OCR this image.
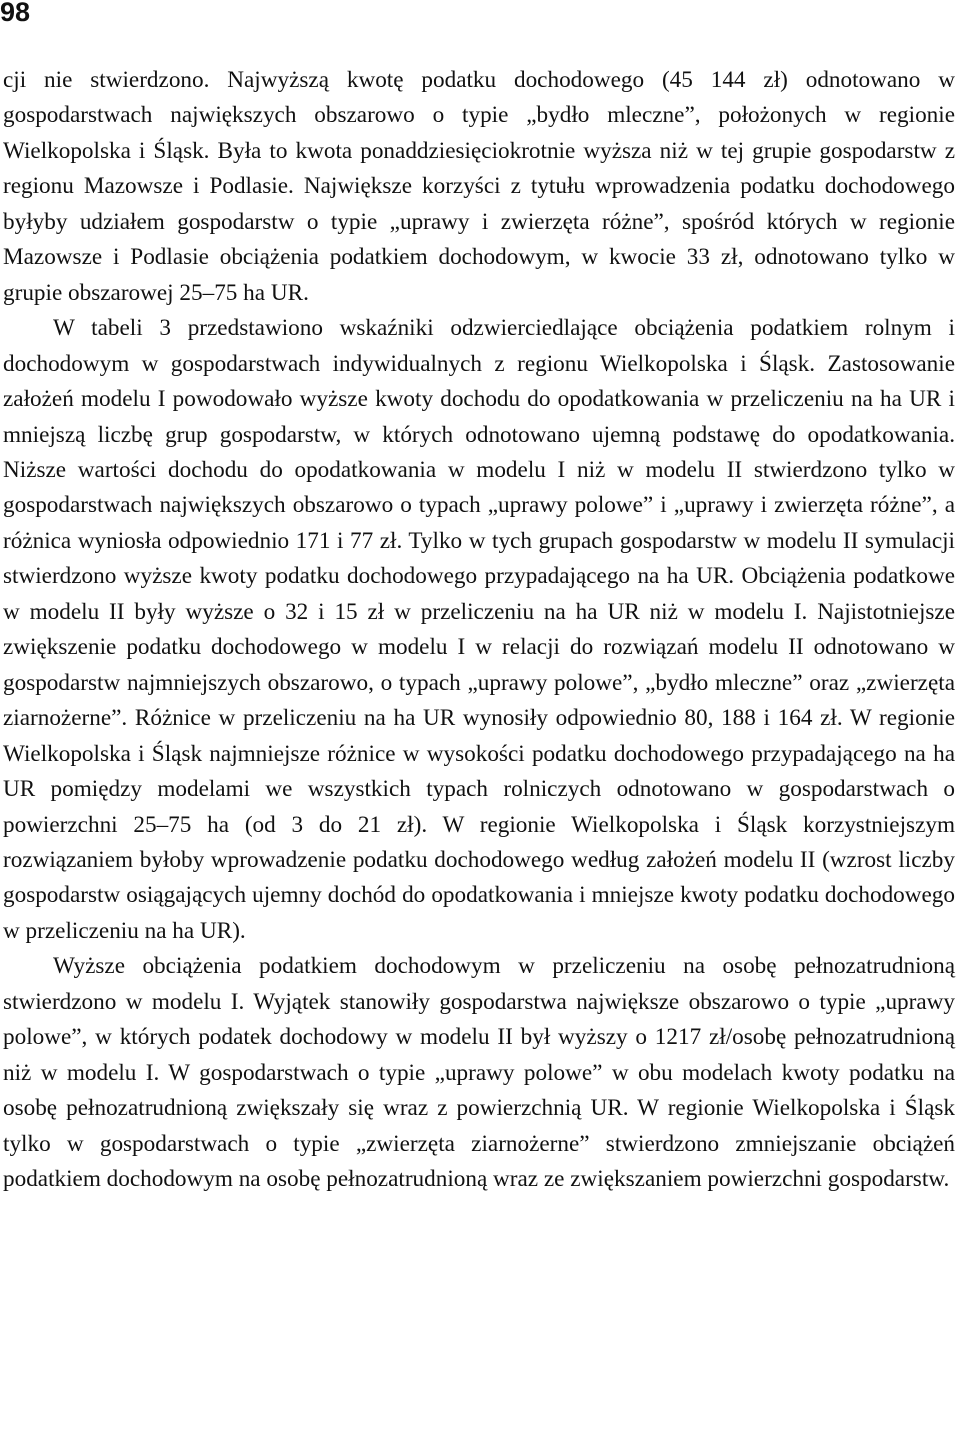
98

cji nie stwierdzono. Najwyższą kwotę podatku dochodowego (45 144 zł) odnotowano w gospodarstwach największych obszarowo o typie „bydło mleczne”, położonych w regionie Wielkopolska i Śląsk. Była to kwota ponaddziesięciokrotnie wyższa niż w tej grupie gospodarstw z regionu Mazowsze i Podlasie. Największe korzyści z tytułu wprowadzenia podatku dochodowego byłyby udziałem gospodarstw o typie „uprawy i zwierzęta różne”, spośród których w regionie Mazowsze i Podlasie obciążenia podatkiem dochodowym, w kwocie 33 zł, odnotowano tylko w grupie obszarowej 25–75 ha UR.

W tabeli 3 przedstawiono wskaźniki odzwierciedlające obciążenia podatkiem rolnym i dochodowym w gospodarstwach indywidualnych z regionu Wielkopolska i Śląsk. Zastosowanie założeń modelu I powodowało wyższe kwoty dochodu do opodatkowania w przeliczeniu na ha UR i mniejszą liczbę grup gospodarstw, w których odnotowano ujemną podstawę do opodatkowania. Niższe wartości dochodu do opodatkowania w modelu I niż w modelu II stwierdzono tylko w gospodarstwach największych obszarowo o typach „uprawy polowe” i „uprawy i zwierzęta różne”, a różnica wyniosła odpowiednio 171 i 77 zł. Tylko w tych grupach gospodarstw w modelu II symulacji stwierdzono wyższe kwoty podatku dochodowego przypadającego na ha UR. Obciążenia podatkowe w modelu II były wyższe o 32 i 15 zł w przeliczeniu na ha UR niż w modelu I. Najistotniejsze zwiększenie podatku dochodowego w modelu I w relacji do rozwiązań modelu II odnotowano w gospodarstw najmniejszych obszarowo, o typach „uprawy polowe”, „bydło mleczne” oraz „zwierzęta ziarnożerne”. Różnice w przeliczeniu na ha UR wynosiły odpowiednio 80, 188 i 164 zł. W regionie Wielkopolska i Śląsk najmniejsze różnice w wysokości podatku dochodowego przypadającego na ha UR pomiędzy modelami we wszystkich typach rolniczych odnotowano w gospodarstwach o powierzchni 25–75 ha (od 3 do 21 zł). W regionie Wielkopolska i Śląsk korzystniejszym rozwiązaniem byłoby wprowadzenie podatku dochodowego według założeń modelu II (wzrost liczby gospodarstw osiągających ujemny dochód do opodatkowania i mniejsze kwoty podatku dochodowego w przeliczeniu na ha UR).

Wyższe obciążenia podatkiem dochodowym w przeliczeniu na osobę pełnozatrudnioną stwierdzono w modelu I. Wyjątek stanowiły gospodarstwa największe obszarowo o typie „uprawy polowe”, w których podatek dochodowy w modelu II był wyższy o 1217 zł/osobę pełnozatrudnioną niż w modelu I. W gospodarstwach o typie „uprawy polowe” w obu modelach kwoty podatku na osobę pełnozatrudnioną zwiększały się wraz z powierzchnią UR. W regionie Wielkopolska i Śląsk tylko w gospodarstwach o typie „zwierzęta ziarnożerne” stwierdzono zmniejszanie obciążeń podatkiem dochodowym na osobę pełnozatrudnioną wraz ze zwiększaniem powierzchni gospodarstw.
